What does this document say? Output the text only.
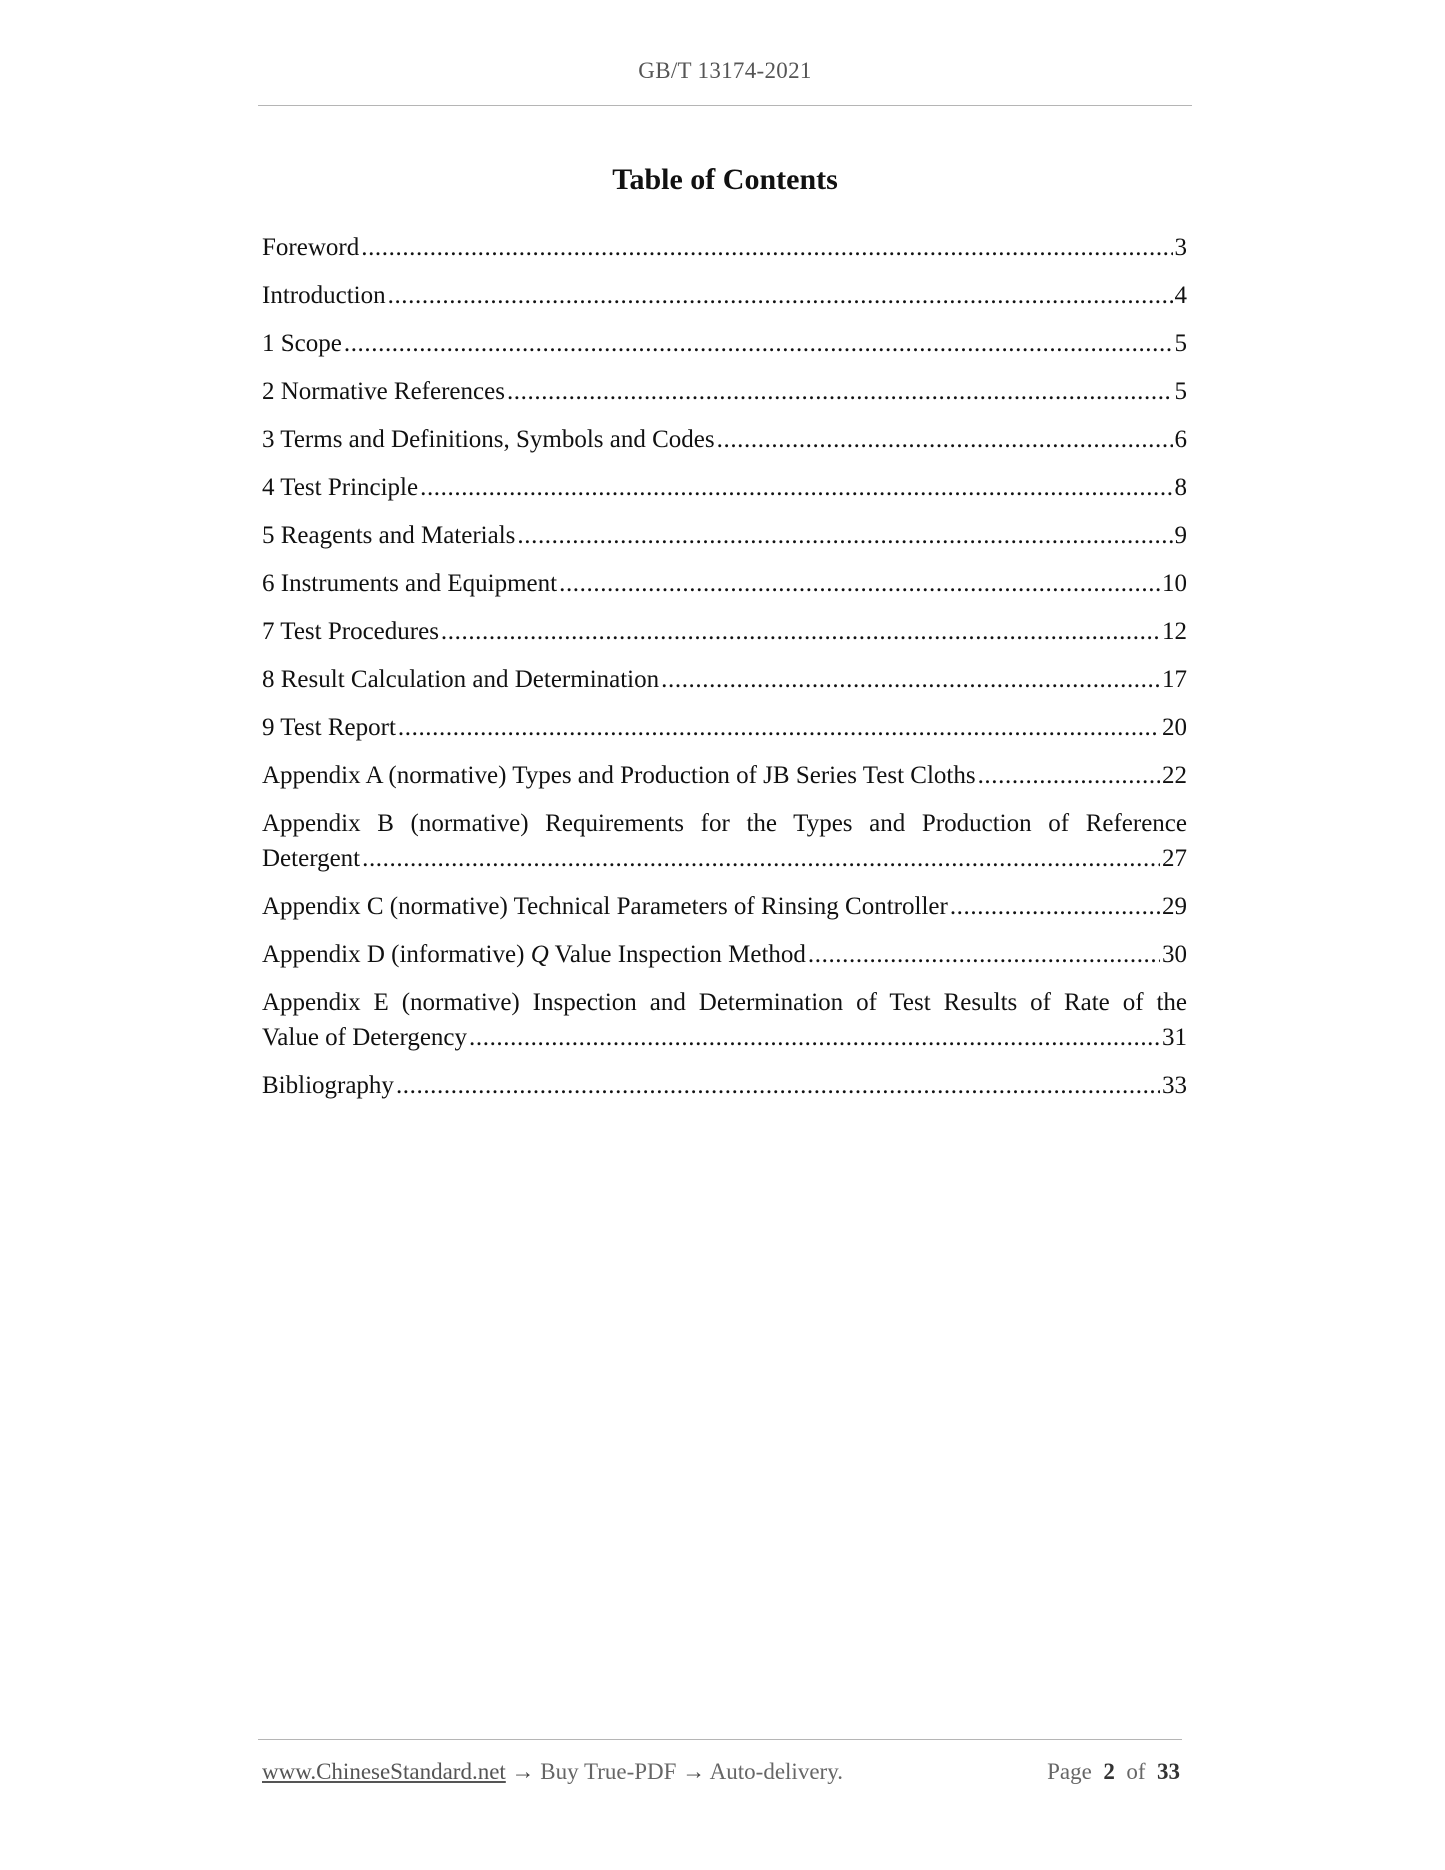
GB/T 13174-2021
Table of Contents
Foreword .....	3
Introduction .....	4
1 Scope .....	5
2 Normative References .....	5
3 Terms and Definitions, Symbols and Codes .....	6
4 Test Principle .....	8
5 Reagents and Materials .....	9
6 Instruments and Equipment .....	10
7 Test Procedures .....	12
8 Result Calculation and Determination .....	17
9 Test Report .....	20
Appendix A (normative) Types and Production of JB Series Test Cloths .....	22
Appendix B (normative) Requirements for the Types and Production of Reference
Detergent .....	27
Appendix C (normative) Technical Parameters of Rinsing Controller .....	29
Appendix D (informative) Q Value Inspection Method .....	30
Appendix E (normative) Inspection and Determination of Test Results of Rate of the
Value of Detergency .....	31
Bibliography .....	33
www.ChineseStandard.net → Buy True-PDF → Auto-delivery.	Page 2 of 33
